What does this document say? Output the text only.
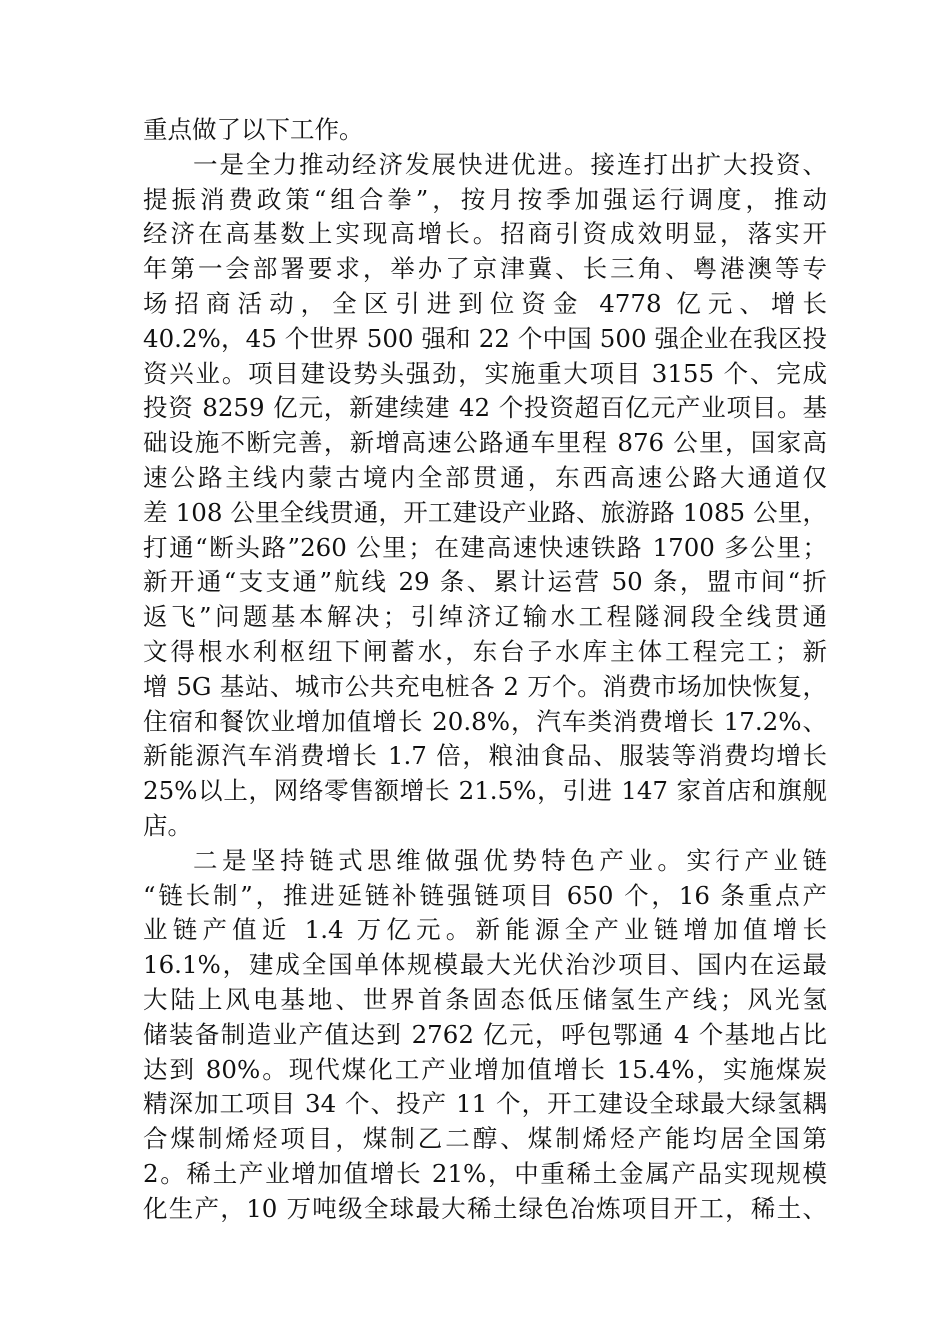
重点做了以下工作。
一是全力推动经济发展快进优进。接连打出扩大投资、
提振消费政策“组合拳”，按月按季加强运行调度，推动
经济在高基数上实现高增长。招商引资成效明显，落实开
年第一会部署要求，举办了京津冀、长三角、粤港澳等专
场招商活动，全区引进到位资金 4778 亿元、增长
40.2%，45 个世界 500 强和 22 个中国 500 强企业在我区投
资兴业。项目建设势头强劲，实施重大项目 3155 个、完成
投资 8259 亿元，新建续建 42 个投资超百亿元产业项目。基
础设施不断完善，新增高速公路通车里程 876 公里，国家高
速公路主线内蒙古境内全部贯通，东西高速公路大通道仅
差 108 公里全线贯通，开工建设产业路、旅游路 1085 公里，
打通“断头路”260 公里；在建高速快速铁路 1700 多公里；
新开通“支支通”航线 29 条、累计运营 50 条，盟市间“折
返飞”问题基本解决；引绰济辽输水工程隧洞段全线贯通
文得根水利枢纽下闸蓄水，东台子水库主体工程完工；新
增 5G 基站、城市公共充电桩各 2 万个。消费市场加快恢复，
住宿和餐饮业增加值增长 20.8%，汽车类消费增长 17.2%、
新能源汽车消费增长 1.7 倍，粮油食品、服装等消费均增长
25%以上，网络零售额增长 21.5%，引进 147 家首店和旗舰
店。
二是坚持链式思维做强优势特色产业。实行产业链
“链长制”，推进延链补链强链项目 650 个，16 条重点产
业链产值近 1.4 万亿元。新能源全产业链增加值增长
16.1%，建成全国单体规模最大光伏治沙项目、国内在运最
大陆上风电基地、世界首条固态低压储氢生产线；风光氢
储装备制造业产值达到 2762 亿元，呼包鄂通 4 个基地占比
达到 80%。现代煤化工产业增加值增长 15.4%，实施煤炭
精深加工项目 34 个、投产 11 个，开工建设全球最大绿氢耦
合煤制烯烃项目，煤制乙二醇、煤制烯烃产能均居全国第
2。稀土产业增加值增长 21%，中重稀土金属产品实现规模
化生产，10 万吨级全球最大稀土绿色冶炼项目开工，稀土、
